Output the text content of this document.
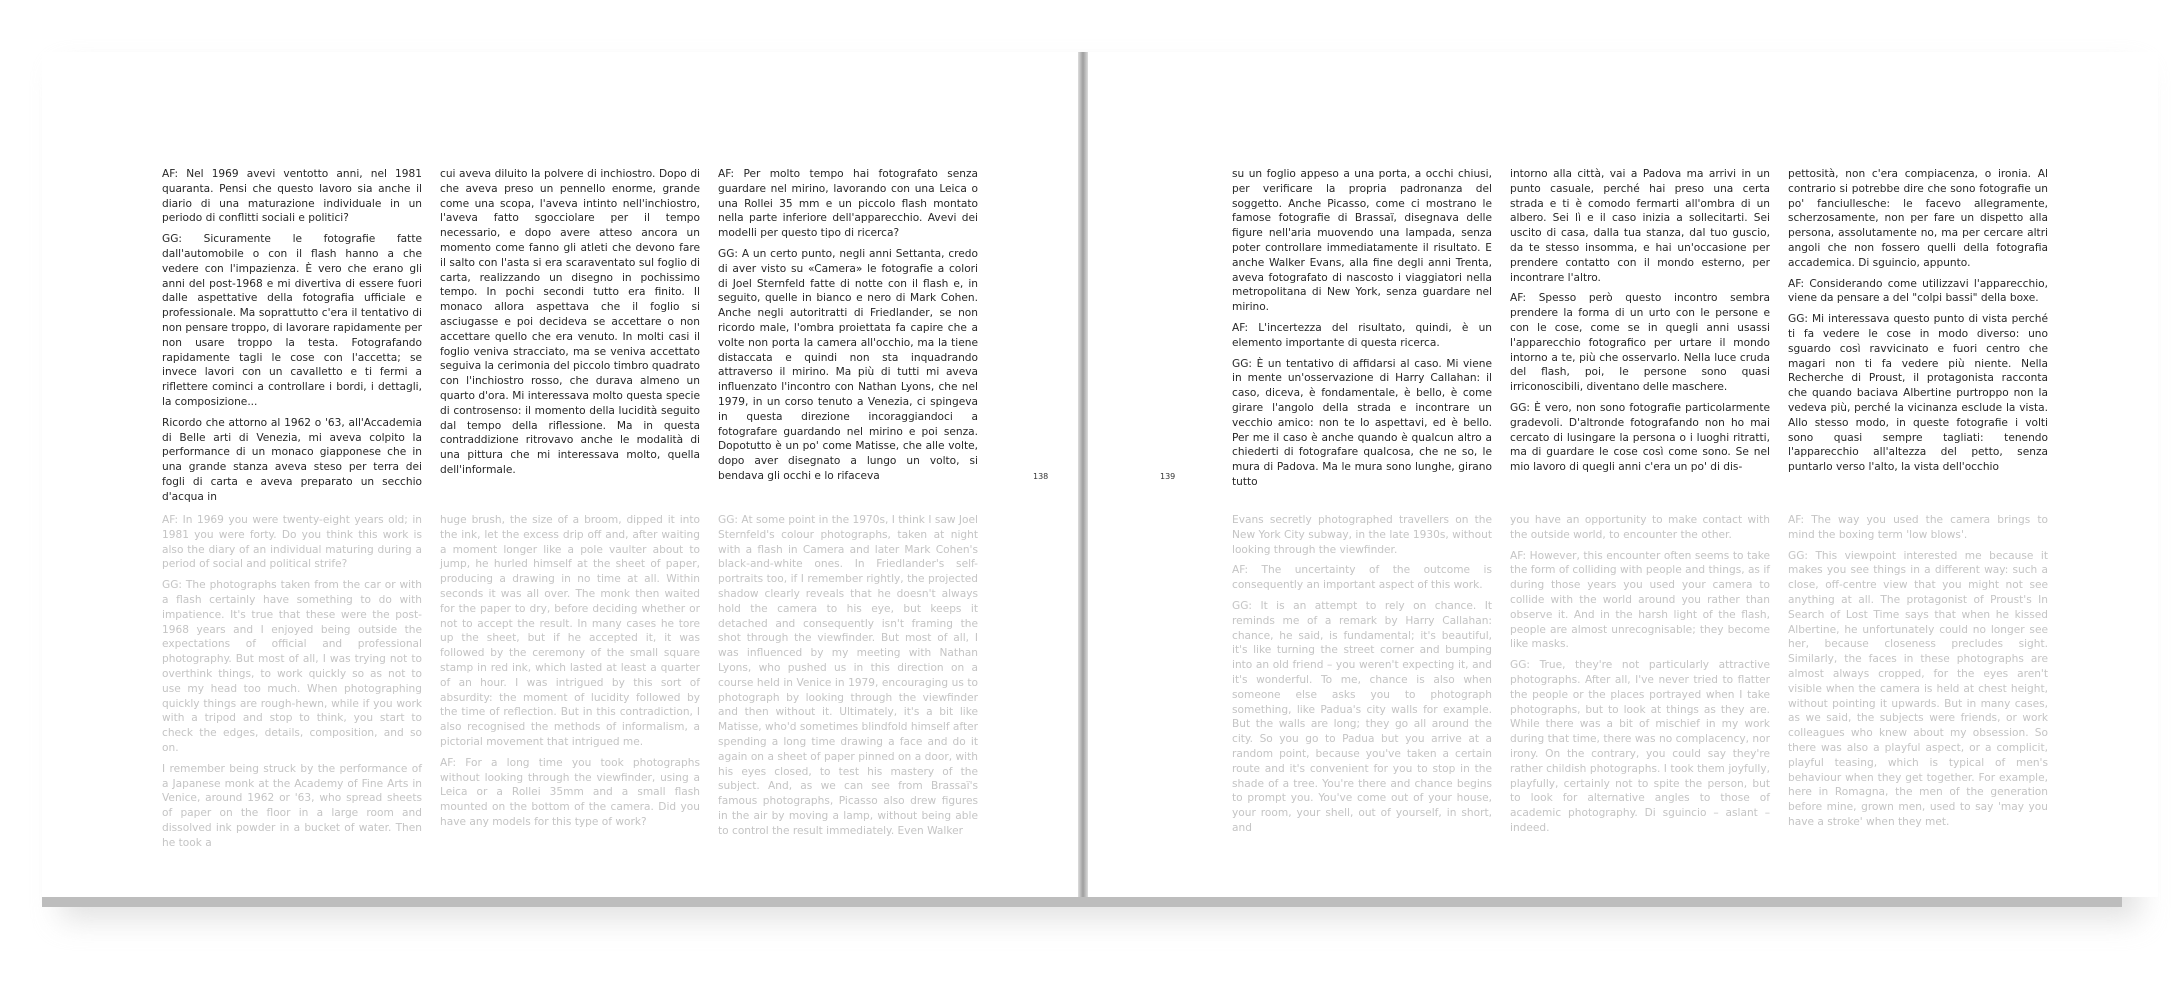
AF: Nel 1969 avevi ventotto anni, nel 1981 quaranta. Pensi che questo lavoro sia anche il diario di una maturazione individuale in un periodo di conflitti sociali e politici?

GG: Sicuramente le fotografie fatte dall'automobile o con il flash hanno a che vedere con l'impazienza. È vero che erano gli anni del post-1968 e mi divertiva di essere fuori dalle aspettative della fotografia ufficiale e professionale. Ma soprattutto c'era il tentativo di non pensare troppo, di lavorare rapidamente per non usare troppo la testa. Fotografando rapidamente tagli le cose con l'accetta; se invece lavori con un cavalletto e ti fermi a riflettere cominci a controllare i bordi, i dettagli, la composizione...

Ricordo che attorno al 1962 o '63, all'Accademia di Belle arti di Venezia, mi aveva colpito la performance di un monaco giapponese che in una grande stanza aveva steso per terra dei fogli di carta e aveva preparato un secchio d'acqua in

cui aveva diluito la polvere di inchiostro. Dopo di che aveva preso un pennello enorme, grande come una scopa, l'aveva intinto nell'inchiostro, l'aveva fatto sgocciolare per il tempo necessario, e dopo avere atteso ancora un momento come fanno gli atleti che devono fare il salto con l'asta si era scaraventato sul foglio di carta, realizzando un disegno in pochissimo tempo. In pochi secondi tutto era finito. Il monaco allora aspettava che il foglio si asciugasse e poi decideva se accettare o non accettare quello che era venuto. In molti casi il foglio veniva stracciato, ma se veniva accettato seguiva la cerimonia del piccolo timbro quadrato con l'inchiostro rosso, che durava almeno un quarto d'ora. Mi interessava molto questa specie di controsenso: il momento della lucidità seguito dal tempo della riflessione. Ma in questa contraddizione ritrovavo anche le modalità di una pittura che mi interessava molto, quella dell'informale.

AF: Per molto tempo hai fotografato senza guardare nel mirino, lavorando con una Leica o una Rollei 35 mm e un piccolo flash montato nella parte inferiore dell'apparecchio. Avevi dei modelli per questo tipo di ricerca?

GG: A un certo punto, negli anni Settanta, credo di aver visto su «Camera» le fotografie a colori di Joel Sternfeld fatte di notte con il flash e, in seguito, quelle in bianco e nero di Mark Cohen. Anche negli autoritratti di Friedlander, se non ricordo male, l'ombra proiettata fa capire che a volte non porta la camera all'occhio, ma la tiene distaccata e quindi non sta inquadrando attraverso il mirino. Ma più di tutti mi aveva influenzato l'incontro con Nathan Lyons, che nel 1979, in un corso tenuto a Venezia, ci spingeva in questa direzione incoraggiandoci a fotografare guardando nel mirino e poi senza. Dopotutto è un po' come Matisse, che alle volte, dopo aver disegnato a lungo un volto, si bendava gli occhi e lo rifaceva	138

AF: In 1969 you were twenty-eight years old; in 1981 you were forty. Do you think this work is also the diary of an individual maturing during a period of social and political strife?

GG: The photographs taken from the car or with a flash certainly have something to do with impatience. It's true that these were the post-1968 years and I enjoyed being outside the expectations of official and professional photography. But most of all, I was trying not to overthink things, to work quickly so as not to use my head too much. When photographing quickly things are rough-hewn, while if you work with a tripod and stop to think, you start to check the edges, details, composition, and so on.

I remember being struck by the performance of a Japanese monk at the Academy of Fine Arts in Venice, around 1962 or '63, who spread sheets of paper on the floor in a large room and dissolved ink powder in a bucket of water. Then he took a

huge brush, the size of a broom, dipped it into the ink, let the excess drip off and, after waiting a moment longer like a pole vaulter about to jump, he hurled himself at the sheet of paper, producing a drawing in no time at all. Within seconds it was all over. The monk then waited for the paper to dry, before deciding whether or not to accept the result. In many cases he tore up the sheet, but if he accepted it, it was followed by the ceremony of the small square stamp in red ink, which lasted at least a quarter of an hour. I was intrigued by this sort of absurdity: the moment of lucidity followed by the time of reflection. But in this contradiction, I also recognised the methods of informalism, a pictorial movement that intrigued me.

AF: For a long time you took photographs without looking through the viewfinder, using a Leica or a Rollei 35mm and a small flash mounted on the bottom of the camera. Did you have any models for this type of work?

GG: At some point in the 1970s, I think I saw Joel Sternfeld's colour photographs, taken at night with a flash in Camera and later Mark Cohen's black-and-white ones. In Friedlander's self-portraits too, if I remember rightly, the projected shadow clearly reveals that he doesn't always hold the camera to his eye, but keeps it detached and consequently isn't framing the shot through the viewfinder. But most of all, I was influenced by my meeting with Nathan Lyons, who pushed us in this direction on a course held in Venice in 1979, encouraging us to photograph by looking through the viewfinder and then without it. Ultimately, it's a bit like Matisse, who'd sometimes blindfold himself after spending a long time drawing a face and do it again on a sheet of paper pinned on a door, with his eyes closed, to test his mastery of the subject. And, as we can see from Brassaï's famous photographs, Picasso also drew figures in the air by moving a lamp, without being able to control the result immediately. Even Walker

139

su un foglio appeso a una porta, a occhi chiusi, per verificare la propria padronanza del soggetto. Anche Picasso, come ci mostrano le famose fotografie di Brassaï, disegnava delle figure nell'aria muovendo una lampada, senza poter controllare immediatamente il risultato. E anche Walker Evans, alla fine degli anni Trenta, aveva fotografato di nascosto i viaggiatori nella metropolitana di New York, senza guardare nel mirino.

AF: L'incertezza del risultato, quindi, è un elemento importante di questa ricerca.

GG: È un tentativo di affidarsi al caso. Mi viene in mente un'osservazione di Harry Callahan: il caso, diceva, è fondamentale, è bello, è come girare l'angolo della strada e incontrare un vecchio amico: non te lo aspettavi, ed è bello. Per me il caso è anche quando è qualcun altro a chiederti di fotografare qualcosa, che ne so, le mura di Padova. Ma le mura sono lunghe, girano tutto

intorno alla città, vai a Padova ma arrivi in un punto casuale, perché hai preso una certa strada e ti è comodo fermarti all'ombra di un albero. Sei lì e il caso inizia a sollecitarti. Sei uscito di casa, dalla tua stanza, dal tuo guscio, da te stesso insomma, e hai un'occasione per prendere contatto con il mondo esterno, per incontrare l'altro.

AF: Spesso però questo incontro sembra prendere la forma di un urto con le persone e con le cose, come se in quegli anni usassi l'apparecchio fotografico per urtare il mondo intorno a te, più che osservarlo. Nella luce cruda del flash, poi, le persone sono quasi irriconoscibili, diventano delle maschere.

GG: È vero, non sono fotografie particolarmente gradevoli. D'altronde fotografando non ho mai cercato di lusingare la persona o i luoghi ritratti, ma di guardare le cose così come sono. Se nel mio lavoro di quegli anni c'era un po' di dis-

pettosità, non c'era compiacenza, o ironia. Al contrario si potrebbe dire che sono fotografie un po' fanciullesche: le facevo allegramente, scherzosamente, non per fare un dispetto alla persona, assolutamente no, ma per cercare altri angoli che non fossero quelli della fotografia accademica. Di sguincio, appunto.

AF: Considerando come utilizzavi l'apparecchio, viene da pensare a del "colpi bassi" della boxe.

GG: Mi interessava questo punto di vista perché ti fa vedere le cose in modo diverso: uno sguardo così ravvicinato e fuori centro che magari non ti fa vedere più niente. Nella Recherche di Proust, il protagonista racconta che quando baciava Albertine purtroppo non la vedeva più, perché la vicinanza esclude la vista. Allo stesso modo, in queste fotografie i volti sono quasi sempre tagliati: tenendo l'apparecchio all'altezza del petto, senza puntarlo verso l'alto, la vista dell'occhio

Evans secretly photographed travellers on the New York City subway, in the late 1930s, without looking through the viewfinder.

AF: The uncertainty of the outcome is consequently an important aspect of this work.

GG: It is an attempt to rely on chance. It reminds me of a remark by Harry Callahan: chance, he said, is fundamental; it's beautiful, it's like turning the street corner and bumping into an old friend – you weren't expecting it, and it's wonderful. To me, chance is also when someone else asks you to photograph something, like Padua's city walls for example. But the walls are long; they go all around the city. So you go to Padua but you arrive at a random point, because you've taken a certain route and it's convenient for you to stop in the shade of a tree. You're there and chance begins to prompt you. You've come out of your house, your room, your shell, out of yourself, in short, and

you have an opportunity to make contact with the outside world, to encounter the other.

AF: However, this encounter often seems to take the form of colliding with people and things, as if during those years you used your camera to collide with the world around you rather than observe it. And in the harsh light of the flash, people are almost unrecognisable; they become like masks.

GG: True, they're not particularly attractive photographs. After all, I've never tried to flatter the people or the places portrayed when I take photographs, but to look at things as they are. While there was a bit of mischief in my work during that time, there was no complacency, nor irony. On the contrary, you could say they're rather childish photographs. I took them joyfully, playfully, certainly not to spite the person, but to look for alternative angles to those of academic photography. Di sguincio – aslant – indeed.

AF: The way you used the camera brings to mind the boxing term 'low blows'.

GG: This viewpoint interested me because it makes you see things in a different way: such a close, off-centre view that you might not see anything at all. The protagonist of Proust's In Search of Lost Time says that when he kissed Albertine, he unfortunately could no longer see her, because closeness precludes sight. Similarly, the faces in these photographs are almost always cropped, for the eyes aren't visible when the camera is held at chest height, without pointing it upwards. But in many cases, as we said, the subjects were friends, or work colleagues who knew about my obsession. So there was also a playful aspect, or a complicit, playful teasing, which is typical of men's behaviour when they get together. For example, here in Romagna, the men of the generation before mine, grown men, used to say 'may you have a stroke' when they met.
